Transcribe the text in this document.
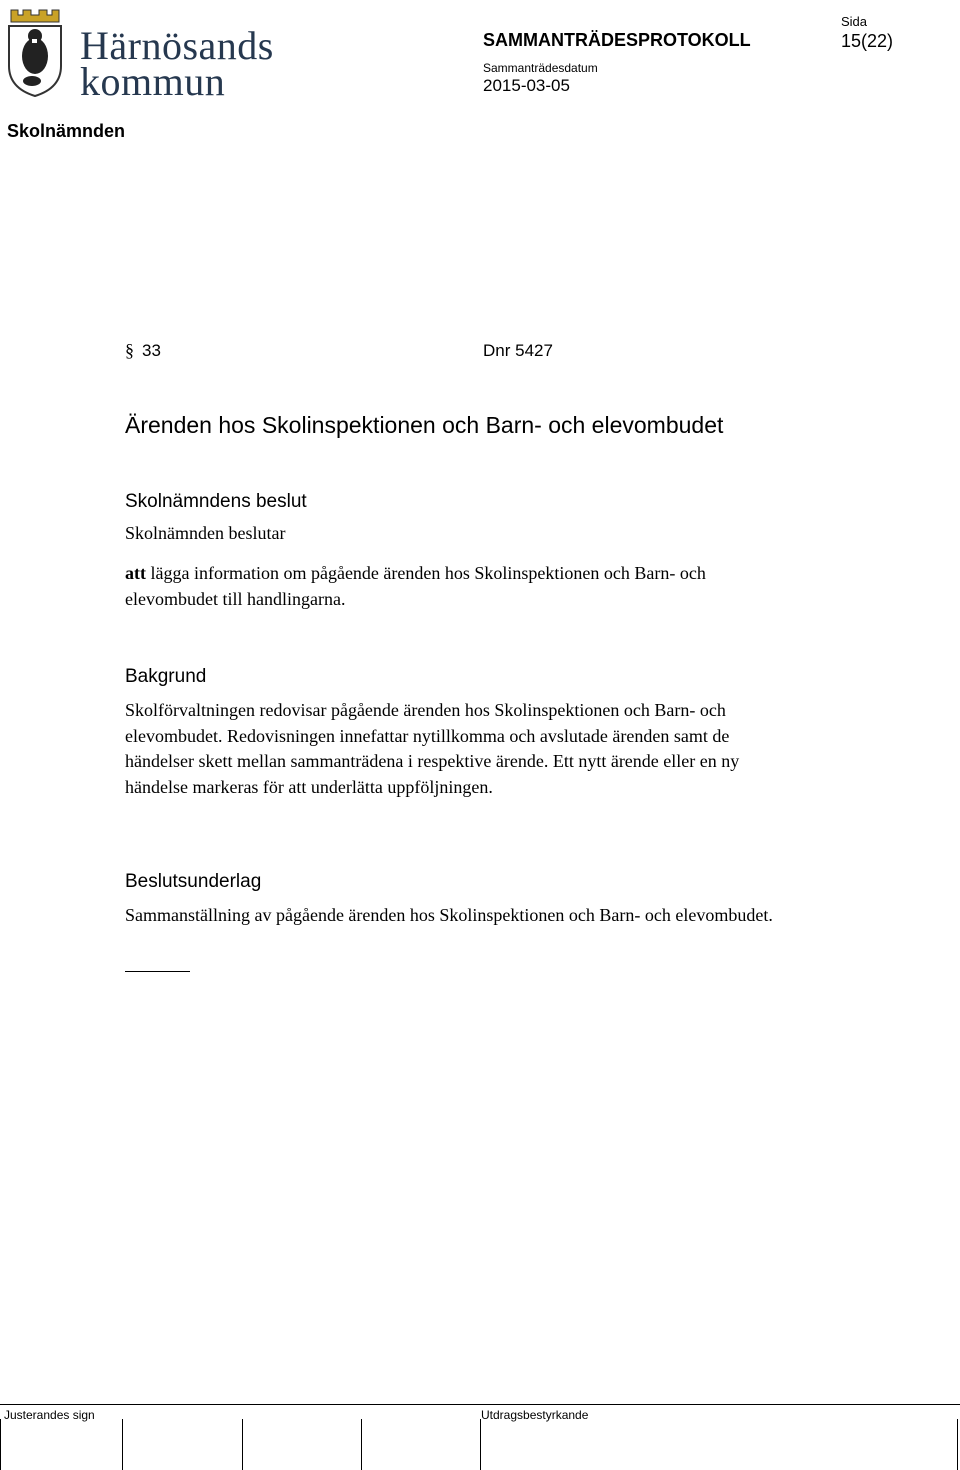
Härnösands
kommun
SAMMANTRÄDESPROTOKOLL
Sammanträdesdatum
2015-03-05
Sida
15(22)
Skolnämnden
§ 33	Dnr 5427
Ärenden hos Skolinspektionen och Barn- och elevombudet
Skolnämndens beslut
Skolnämnden beslutar
att lägga information om pågående ärenden hos Skolinspektionen och Barn- och elevombudet till handlingarna.
Bakgrund
Skolförvaltningen redovisar pågående ärenden hos Skolinspektionen och Barn- och elevombudet. Redovisningen innefattar nytillkomma och avslutade ärenden samt de händelser skett mellan sammanträdena i respektive ärende. Ett nytt ärende eller en ny händelse markeras för att underlätta uppföljningen.
Beslutsunderlag
Sammanställning av pågående ärenden hos Skolinspektionen och Barn- och elevombudet.
Justerandes sign	Utdragsbestyrkande
